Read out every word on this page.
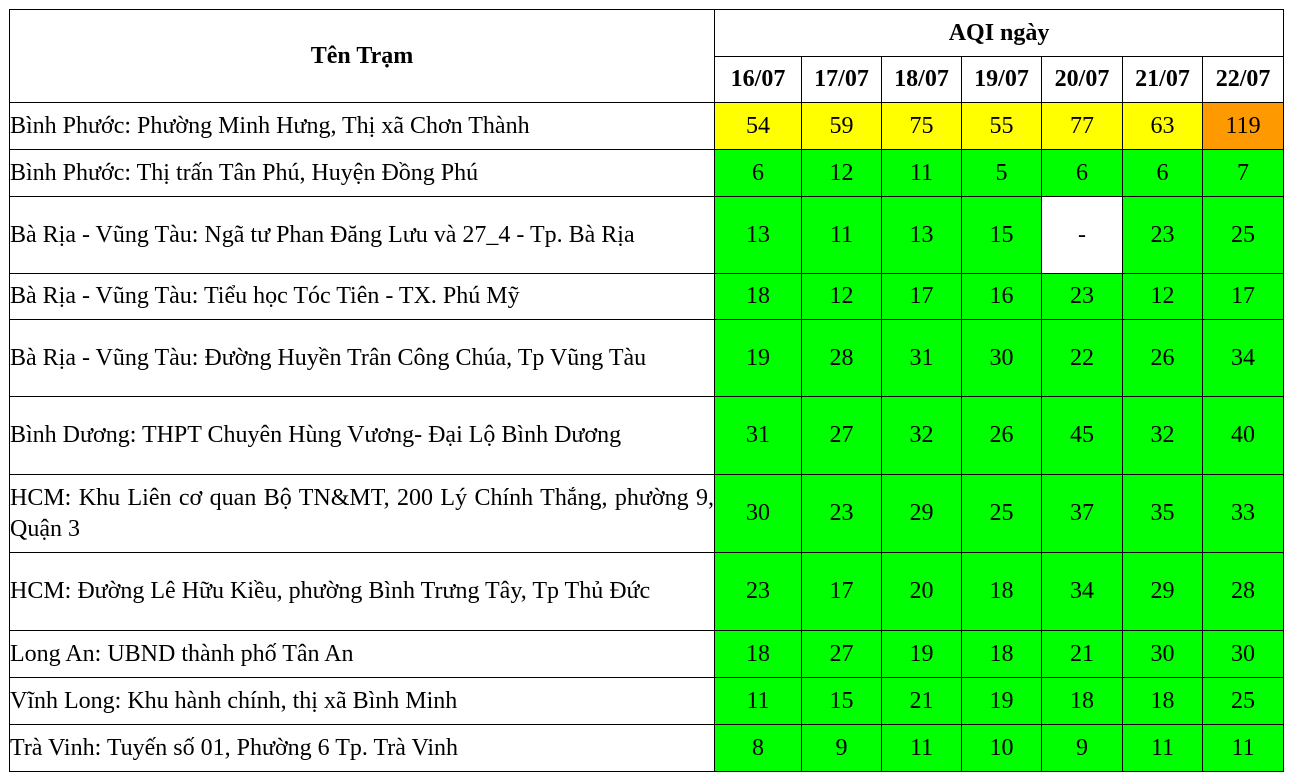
Tên Trạm	AQI ngày						
	16/07	17/07	18/07	19/07	20/07	21/07	22/07

Bình Phước: Phường Minh Hưng, Thị xã Chơn Thành	54	59	75	55	77	63	119

Bình Phước: Thị trấn Tân Phú, Huyện Đồng Phú	6	12	11	5	6	6	7

Bà Rịa - Vũng Tàu: Ngã tư Phan Đăng Lưu và 27_4 - Tp. Bà Rịa	13	11	13	15	-	23	25

Bà Rịa - Vũng Tàu: Tiểu học Tóc Tiên - TX. Phú Mỹ	18	12	17	16	23	12	17

Bà Rịa - Vũng Tàu: Đường Huyền Trân Công Chúa, Tp Vũng Tàu	19	28	31	30	22	26	34

Bình Dương: THPT Chuyên Hùng Vương- Đại Lộ Bình Dương	31	27	32	26	45	32	40

HCM: Khu Liên cơ quan Bộ TN&MT, 200 Lý Chính Thắng, phường 9, Quận 3	30	23	29	25	37	35	33

HCM: Đường Lê Hữu Kiều, phường Bình Trưng Tây, Tp Thủ Đức	23	17	20	18	34	29	28

Long An: UBND thành phố Tân An	18	27	19	18	21	30	30

Vĩnh Long: Khu hành chính, thị xã Bình Minh	11	15	21	19	18	18	25

Trà Vinh: Tuyến số 01, Phường 6 Tp. Trà Vinh	8	9	11	10	9	11	11
